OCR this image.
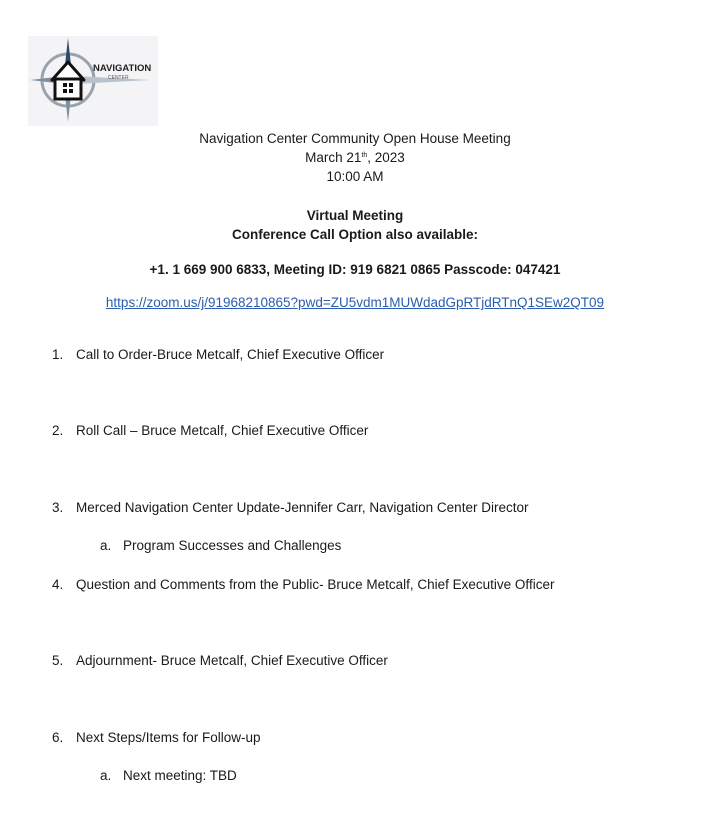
NAVIGATION
CENTER
Navigation Center Community Open House Meeting
March 21th, 2023
10:00 AM
Virtual Meeting
Conference Call Option also available:
+1. 1 669 900 6833, Meeting ID: 919 6821 0865 Passcode: 047421
https://zoom.us/j/91968210865?pwd=ZU5vdm1MUWdadGpRTjdRTnQ1SEw2QT09
1. Call to Order-Bruce Metcalf, Chief Executive Officer
2. Roll Call – Bruce Metcalf, Chief Executive Officer
3. Merced Navigation Center Update-Jennifer Carr, Navigation Center Director
a. Program Successes and Challenges
4. Question and Comments from the Public- Bruce Metcalf, Chief Executive Officer
5. Adjournment- Bruce Metcalf, Chief Executive Officer
6. Next Steps/Items for Follow-up
a. Next meeting: TBD
